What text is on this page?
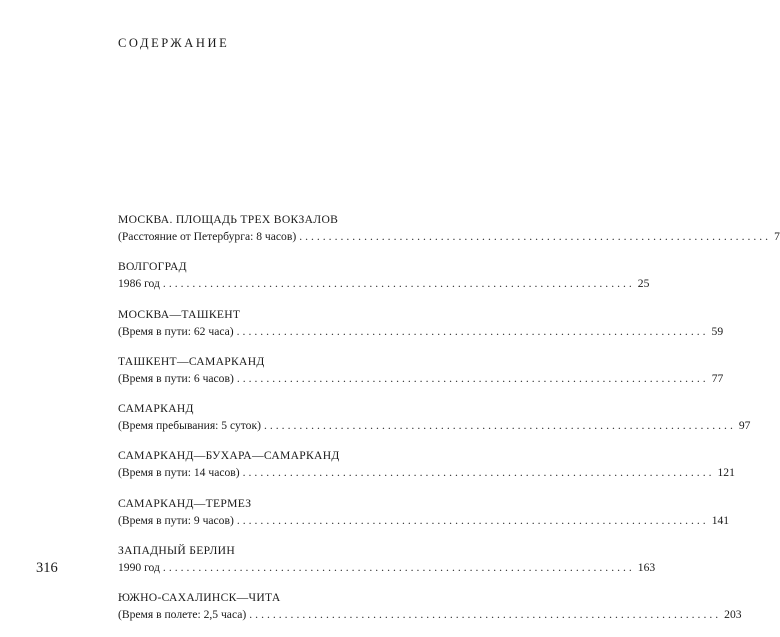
СОДЕРЖАНИЕ
МОСКВА. ПЛОЩАДЬ ТРЕХ ВОКЗАЛОВ
(Расстояние от Петербурга: 8 часов) ................................................................................ 7
ВОЛГОГРАД
1986 год ................................................................................ 25
МОСКВА—ТАШКЕНТ
(Время в пути: 62 часа) ................................................................................ 59
ТАШКЕНТ—САМАРКАНД
(Время в пути: 6 часов) ................................................................................ 77
САМАРКАНД
(Время пребывания: 5 суток) ................................................................................ 97
САМАРКАНД—БУХАРА—САМАРКАНД
(Время в пути: 14 часов) ................................................................................ 121
САМАРКАНД—ТЕРМЕЗ
(Время в пути: 9 часов) ................................................................................ 141
ЗАПАДНЫЙ БЕРЛИН
1990 год ................................................................................ 163
ЮЖНО-САХАЛИНСК—ЧИТА
(Время в полете: 2,5 часа) ................................................................................ 203
316
